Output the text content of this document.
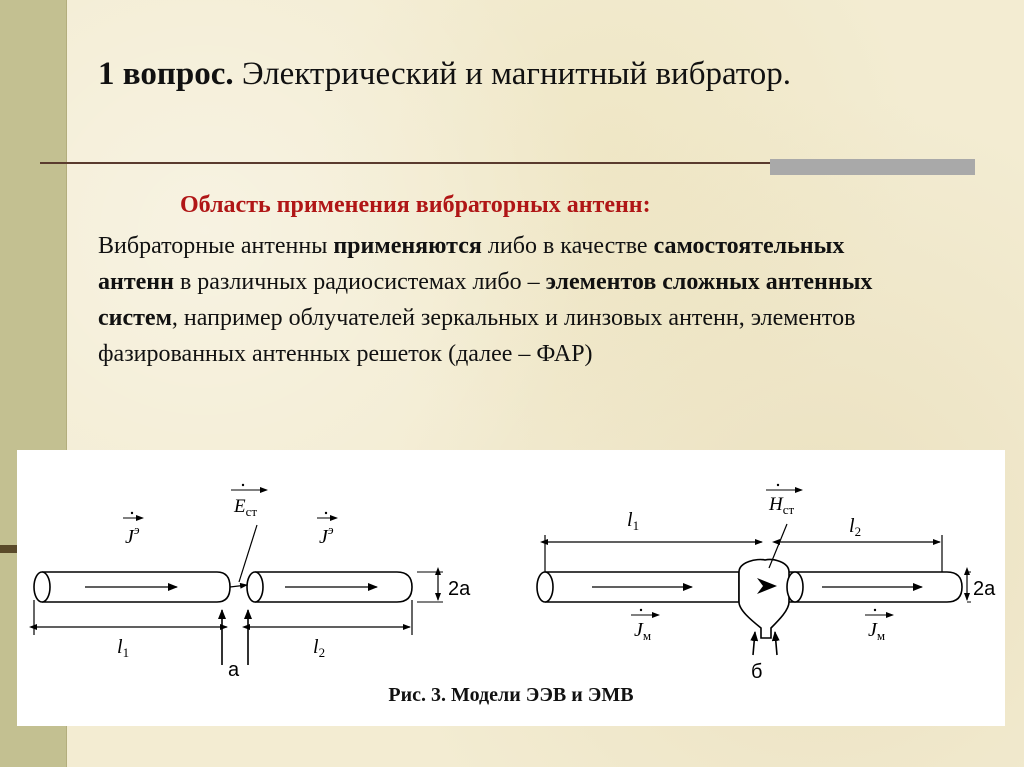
1 вопрос. Электрический и магнитный вибратор.
Область применения вибраторных антенн:
Вибраторные антенны применяются либо в качестве самостоятельных антенн в различных радиосистемах либо – элементов сложных антенных систем, например облучателей зеркальных и линзовых антенн, элементов фазированных антенных решеток (далее – ФАР)
$J^э$	$J^э$
$E_{ст}$
$l_1$	$l_2$
а
2а
б
$H_{ст}$
$l_1$	$l_2$
$J_м$	$J_м$
2а
Рис. 3. Модели ЭЭВ и ЭМВ
